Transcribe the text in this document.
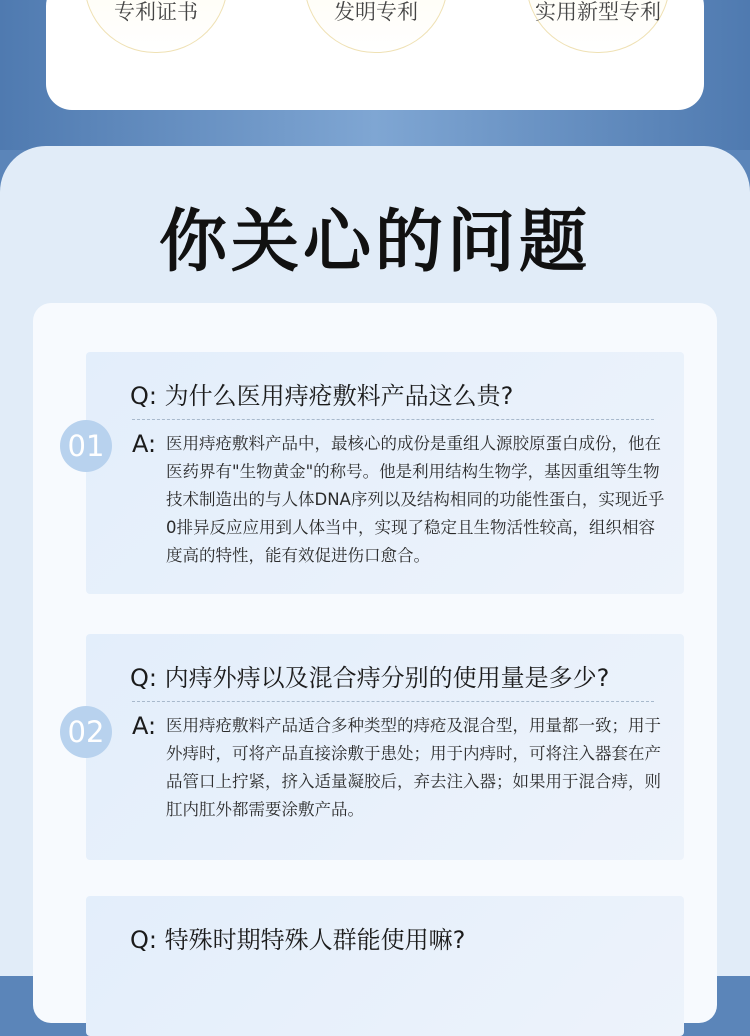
专利证书	发明专利	实用新型专利
你关心的问题
01

Q: 为什么医用痔疮敷料产品这么贵?

A: 医用痔疮敷料产品中，最核心的成份是重组人源胶原蛋白成份，他在医药界有"生物黄金"的称号。他是利用结构生物学，基因重组等生物技术制造出的与人体DNA序列以及结构相同的功能性蛋白，实现近乎0排异反应应用到人体当中，实现了稳定且生物活性较高，组织相容度高的特性，能有效促进伤口愈合。

02

Q: 内痔外痔以及混合痔分别的使用量是多少?

A: 医用痔疮敷料产品适合多种类型的痔疮及混合型，用量都一致；用于外痔时，可将产品直接涂敷于患处；用于内痔时，可将注入器套在产品管口上拧紧，挤入适量凝胶后，弃去注入器；如果用于混合痔，则肛内肛外都需要涂敷产品。

Q: 特殊时期特殊人群能使用嘛?
